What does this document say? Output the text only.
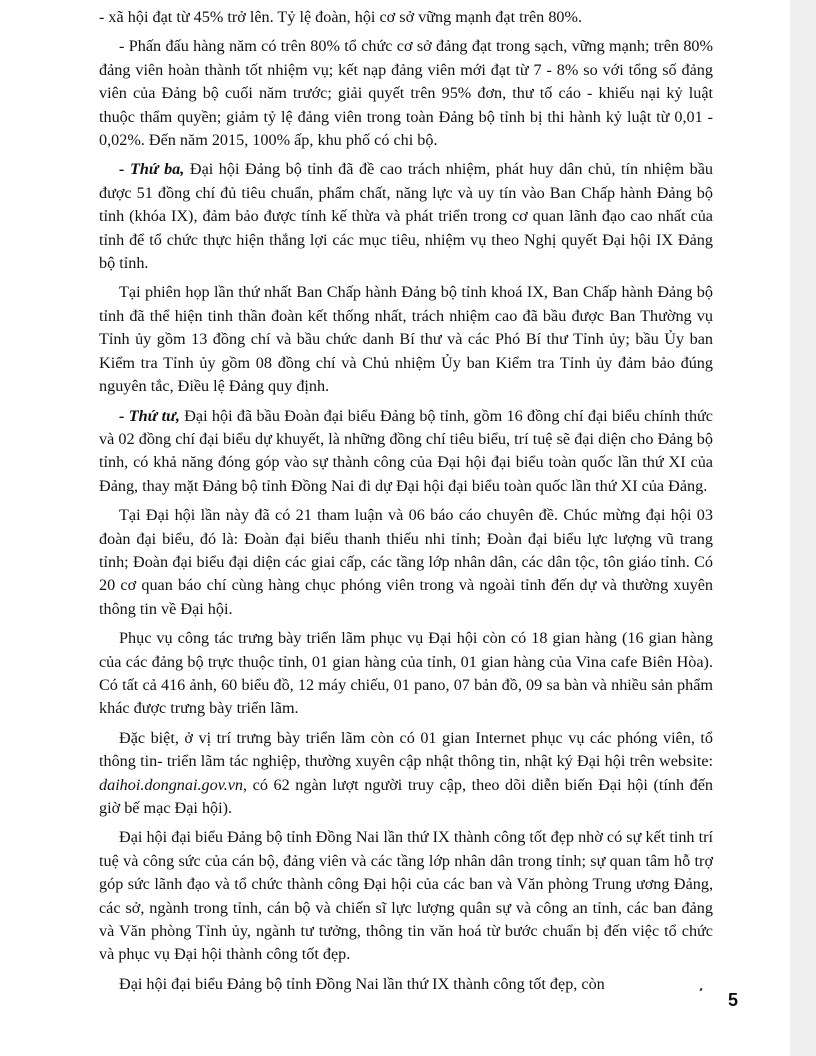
- xã hội đạt từ 45% trở lên. Tỷ lệ đoàn, hội cơ sở vững mạnh đạt trên 80%.

- Phấn đấu hàng năm có trên 80% tổ chức cơ sở đảng đạt trong sạch, vững mạnh; trên 80% đảng viên hoàn thành tốt nhiệm vụ; kết nạp đảng viên mới đạt từ 7 - 8% so với tổng số đảng viên của Đảng bộ cuối năm trước; giải quyết trên 95% đơn, thư tố cáo - khiếu nại kỷ luật thuộc thẩm quyền; giảm tỷ lệ đảng viên trong toàn Đảng bộ tỉnh bị thi hành kỷ luật từ 0,01 - 0,02%. Đến năm 2015, 100% ấp, khu phố có chi bộ.

- Thứ ba, Đại hội Đảng bộ tỉnh đã đề cao trách nhiệm, phát huy dân chủ, tín nhiệm bầu được 51 đồng chí đủ tiêu chuẩn, phẩm chất, năng lực và uy tín vào Ban Chấp hành Đảng bộ tỉnh (khóa IX), đảm bảo được tính kế thừa và phát triển trong cơ quan lãnh đạo cao nhất của tỉnh để tổ chức thực hiện thắng lợi các mục tiêu, nhiệm vụ theo Nghị quyết Đại hội IX Đảng bộ tỉnh.

Tại phiên họp lần thứ nhất Ban Chấp hành Đảng bộ tỉnh khoá IX, Ban Chấp hành Đảng bộ tỉnh đã thể hiện tinh thần đoàn kết thống nhất, trách nhiệm cao đã bầu được Ban Thường vụ Tỉnh ủy gồm 13 đồng chí và bầu chức danh Bí thư và các Phó Bí thư Tỉnh ủy; bầu Ủy ban Kiểm tra Tỉnh ủy gồm 08 đồng chí và Chủ nhiệm Ủy ban Kiểm tra Tỉnh ủy đảm bảo đúng nguyên tắc, Điều lệ Đảng quy định.

- Thứ tư, Đại hội đã bầu Đoàn đại biểu Đảng bộ tỉnh, gồm 16 đồng chí đại biểu chính thức và 02 đồng chí đại biểu dự khuyết, là những đồng chí tiêu biểu, trí tuệ sẽ đại diện cho Đảng bộ tỉnh, có khả năng đóng góp vào sự thành công của Đại hội đại biểu toàn quốc lần thứ XI của Đảng, thay mặt Đảng bộ tỉnh Đồng Nai đi dự Đại hội đại biểu toàn quốc lần thứ XI của Đảng.

Tại Đại hội lần này đã có 21 tham luận và 06 báo cáo chuyên đề. Chúc mừng đại hội 03 đoàn đại biểu, đó là: Đoàn đại biểu thanh thiếu nhi tỉnh; Đoàn đại biểu lực lượng vũ trang tỉnh; Đoàn đại biểu đại diện các giai cấp, các tầng lớp nhân dân, các dân tộc, tôn giáo tỉnh. Có 20 cơ quan báo chí cùng hàng chục phóng viên trong và ngoài tỉnh đến dự và thường xuyên thông tin về Đại hội.

Phục vụ công tác trưng bày triển lãm phục vụ Đại hội còn có 18 gian hàng (16 gian hàng của các đảng bộ trực thuộc tỉnh, 01 gian hàng của tỉnh, 01 gian hàng của Vina cafe Biên Hòa). Có tất cả 416 ảnh, 60 biểu đồ, 12 máy chiếu, 01 pano, 07 bản đồ, 09 sa bàn và nhiều sản phẩm khác được trưng bày triển lãm.

Đặc biệt, ở vị trí trưng bày triển lãm còn có 01 gian Internet phục vụ các phóng viên, tổ thông tin- triển lãm tác nghiệp, thường xuyên cập nhật thông tin, nhật ký Đại hội trên website: daihoi.dongnai.gov.vn, có 62 ngàn lượt người truy cập, theo dõi diễn biến Đại hội (tính đến giờ bế mạc Đại hội).

Đại hội đại biểu Đảng bộ tỉnh Đồng Nai lần thứ IX thành công tốt đẹp nhờ có sự kết tinh trí tuệ và công sức của cán bộ, đảng viên và các tầng lớp nhân dân trong tỉnh; sự quan tâm hỗ trợ góp sức lãnh đạo và tổ chức thành công Đại hội của các ban và Văn phòng Trung ương Đảng, các sở, ngành trong tỉnh, cán bộ và chiến sĩ lực lượng quân sự và công an tỉnh, các ban đảng và Văn phòng Tỉnh ủy, ngành tư tưởng, thông tin văn hoá từ bước chuẩn bị đến việc tổ chức và phục vụ Đại hội thành công tốt đẹp.

Đại hội đại biểu Đảng bộ tỉnh Đồng Nai lần thứ IX thành công tốt đẹp, còn

5
